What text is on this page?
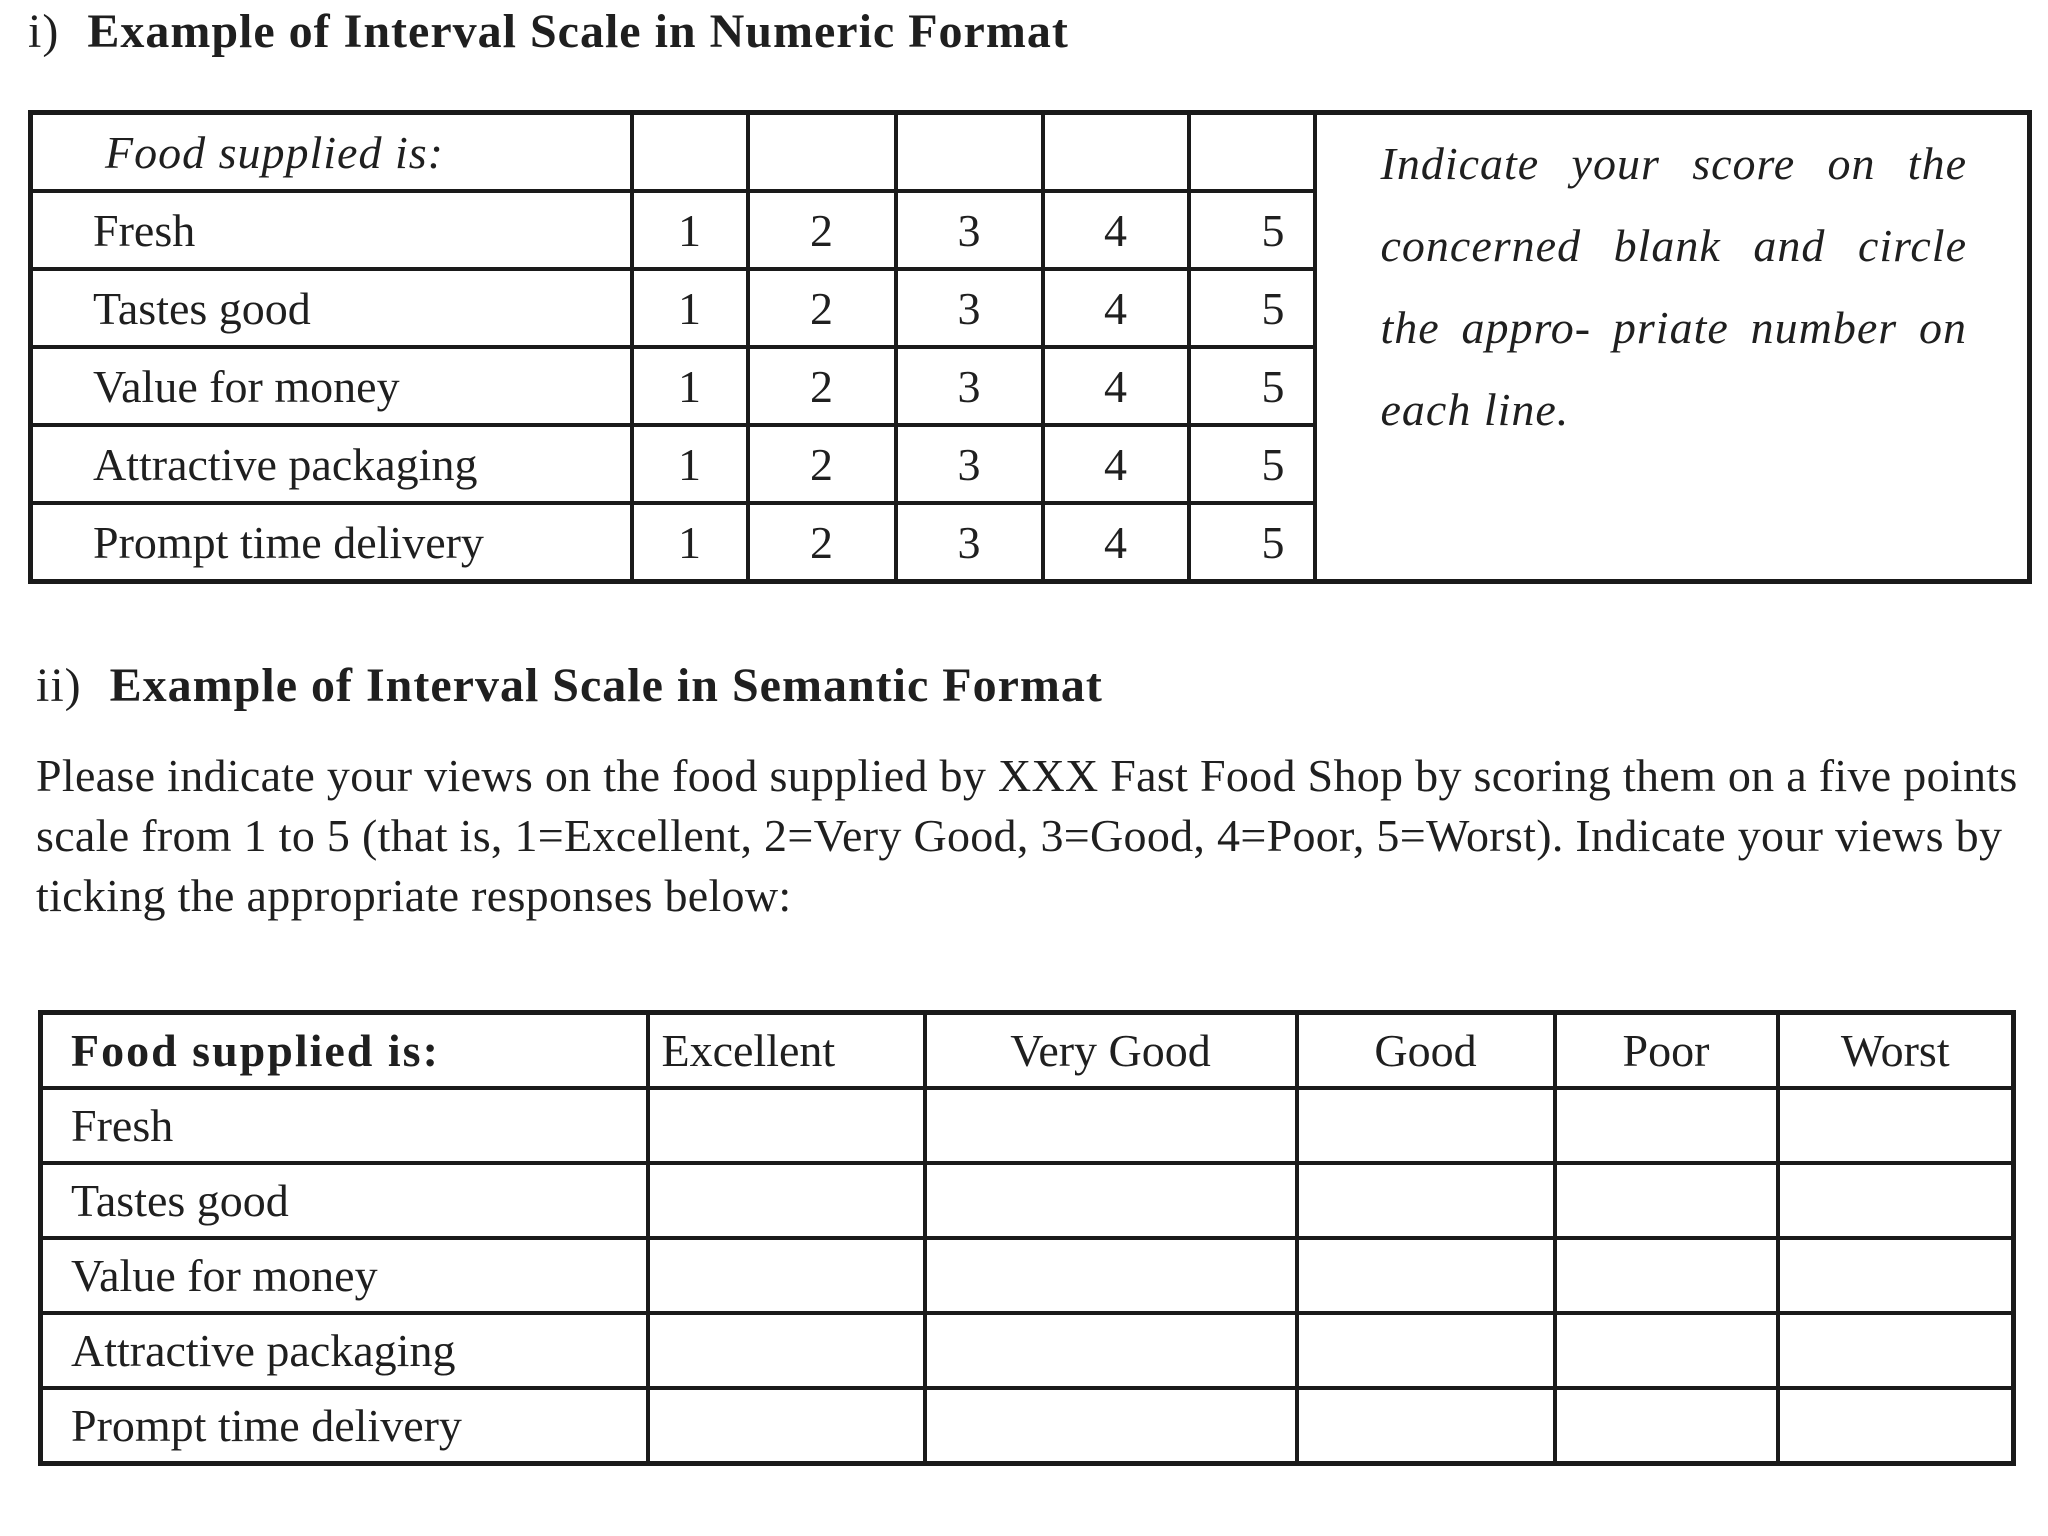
i) Example of Interval Scale in Numeric Format
Food supplied is:						Indicate your score on the concerned blank and circle the appro- priate number on each line.
Fresh	1	2	3	4	5	
Tastes good	1	2	3	4	5	
Value for money	1	2	3	4	5	
Attractive packaging	1	2	3	4	5	
Prompt time delivery	1	2	3	4	5	
ii) Example of Interval Scale in Semantic Format

Please indicate your views on the food supplied by XXX Fast Food Shop by scoring them on a five points scale from 1 to 5 (that is, 1=Excellent, 2=Very Good, 3=Good, 4=Poor, 5=Worst). Indicate your views by ticking the appropriate responses below:

Food supplied is:	Excellent	Very Good	Good	Poor	Worst
Fresh					
Tastes good					
Value for money					
Attractive packaging					
Prompt time delivery					
